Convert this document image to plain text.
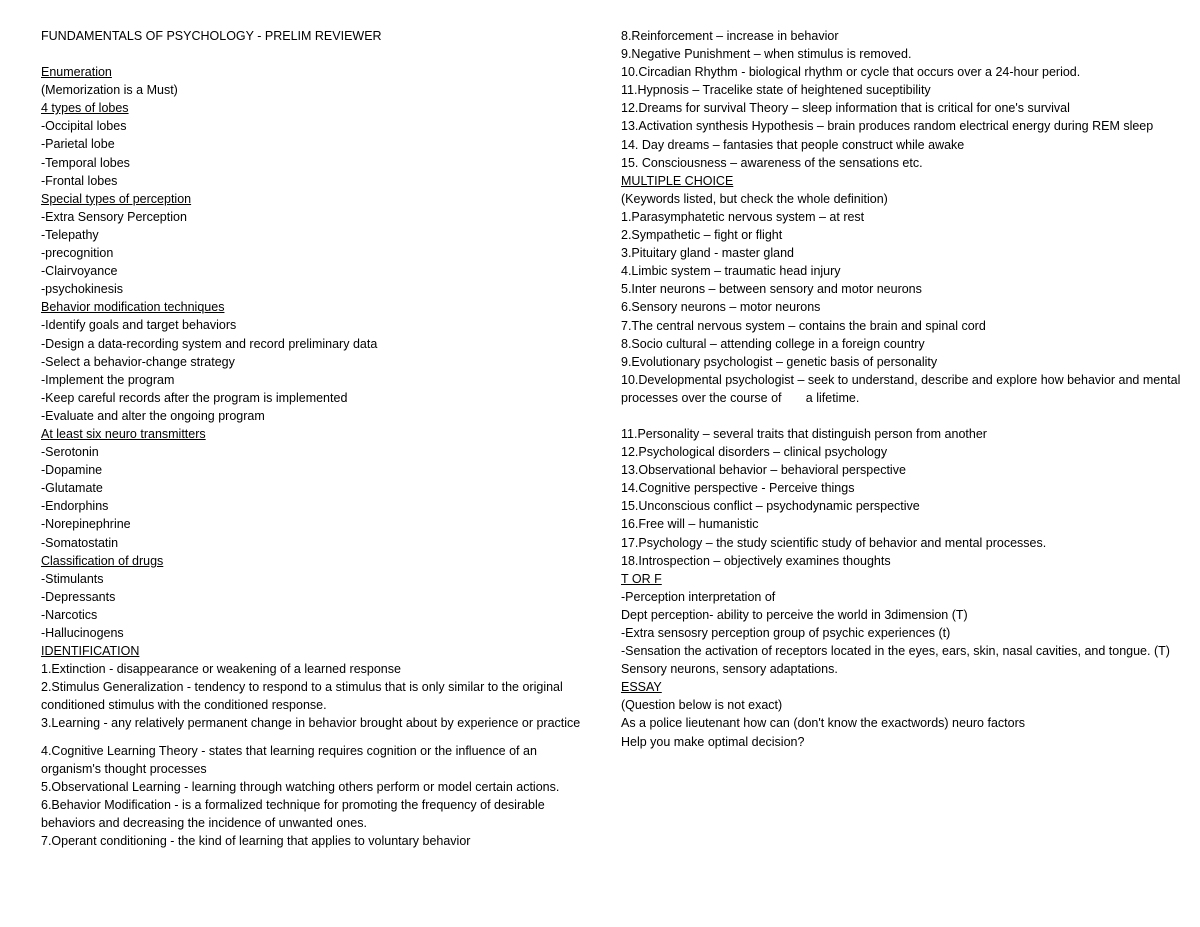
FUNDAMENTALS OF PSYCHOLOGY - PRELIM REVIEWER
Enumeration
(Memorization is a Must)
4 types of lobes
-Occipital lobes
-Parietal lobe
-Temporal lobes
-Frontal lobes
Special types of perception
-Extra Sensory Perception
-Telepathy
-precognition
-Clairvoyance
-psychokinesis
Behavior modification techniques
-Identify goals and target behaviors
-Design a data-recording system and record preliminary data
-Select a behavior-change strategy
-Implement the program
-Keep careful records after the program is implemented
-Evaluate and alter the ongoing program
At least six neuro transmitters
-Serotonin
-Dopamine
-Glutamate
-Endorphins
-Norepinephrine
-Somatostatin
Classification of drugs
-Stimulants
-Depressants
-Narcotics
-Hallucinogens
IDENTIFICATION
1.Extinction - disappearance or weakening of a learned response
2.Stimulus Generalization - tendency to respond to a stimulus that is only similar to the original conditioned stimulus with the conditioned response.
3.Learning - any relatively permanent change in behavior brought about by experience or practice
4.Cognitive Learning Theory - states that learning requires cognition or the influence of an organism's thought processes
5.Observational Learning - learning through watching others perform or model certain actions.
6.Behavior Modification - is a formalized technique for promoting the frequency of desirable behaviors and decreasing the incidence of unwanted ones.
7.Operant conditioning - the kind of learning that applies to voluntary behavior
8.Reinforcement – increase in behavior
9.Negative Punishment – when stimulus is removed.
10.Circadian Rhythm - biological rhythm or cycle that occurs over a 24-hour period.
11.Hypnosis – Tracelike state of heightened suceptibility
12.Dreams for survival Theory – sleep information that is critical for one's survival
13.Activation synthesis Hypothesis – brain produces random electrical energy during REM sleep
14. Day dreams – fantasies that people construct while awake
15. Consciousness – awareness of the sensations etc.
MULTIPLE CHOICE
(Keywords listed, but check the whole definition)
1.Parasymphatetic nervous system – at rest
2.Sympathetic – fight or flight
3.Pituitary gland - master gland
4.Limbic system – traumatic head injury
5.Inter neurons – between sensory and motor neurons
6.Sensory neurons – motor neurons
7.The central nervous system – contains the brain and spinal cord
8.Socio cultural – attending college in a foreign country
9.Evolutionary psychologist – genetic basis of personality
10.Developmental psychologist – seek to understand, describe and explore how behavior and mental processes over the course of       a lifetime.
11.Personality – several traits that distinguish person from another
12.Psychological disorders – clinical psychology
13.Observational behavior – behavioral perspective
14.Cognitive perspective - Perceive things
15.Unconscious conflict – psychodynamic perspective
16.Free will – humanistic
17.Psychology – the study scientific study of behavior and mental processes.
18.Introspection – objectively examines thoughts
T OR F
-Perception interpretation of
Dept perception- ability to perceive the world in 3dimension (T)
-Extra sensosry perception group of psychic experiences (t)
-Sensation the activation of receptors located in the eyes, ears, skin, nasal cavities, and tongue. (T)
Sensory neurons, sensory adaptations.
ESSAY
(Question below is not exact)
As a police lieutenant how can (don't know the exactwords) neuro factors
Help you make optimal decision?
